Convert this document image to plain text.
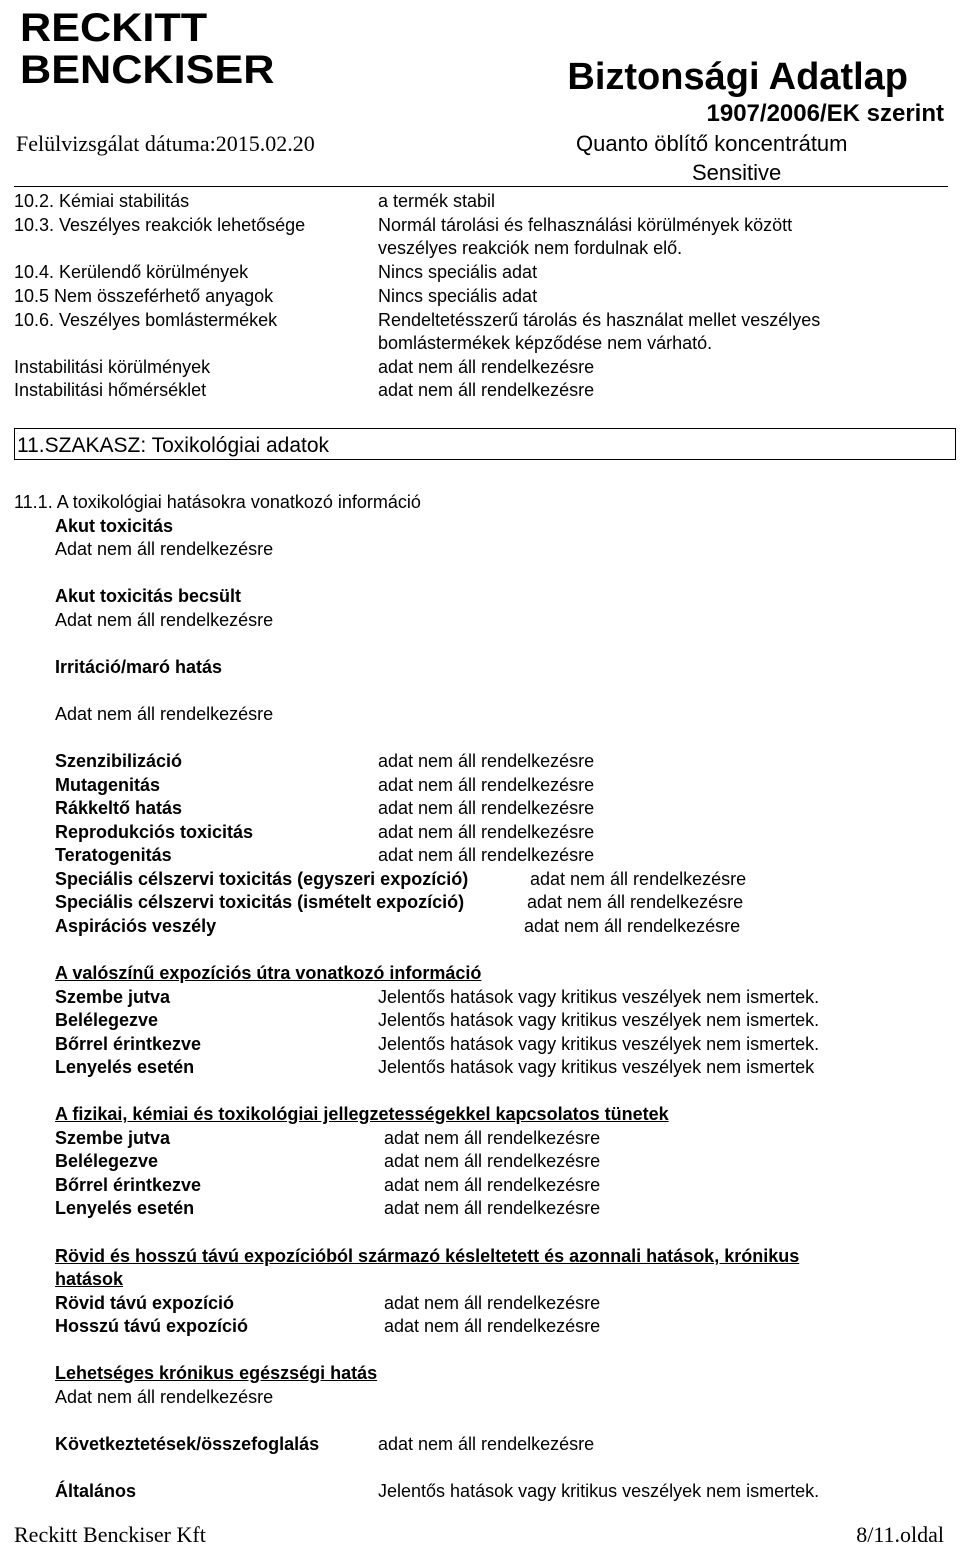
RECKITT
BENCKISER	Biztonsági Adatlap
1907/2006/EK szerint
Felülvizsgálat dátuma:2015.02.20	Quanto öblítő koncentrátum
Sensitive
10.2. Kémiai stabilitás	a termék stabil
10.3. Veszélyes reakciók lehetősége	Normál tárolási és felhasználási körülmények között
veszélyes reakciók nem fordulnak elő.
10.4. Kerülendő körülmények	Nincs speciális adat
10.5 Nem összeférhető anyagok	Nincs speciális adat
10.6. Veszélyes bomlástermékek	Rendeltetésszerű tárolás és használat mellet veszélyes
bomlástermékek képződése nem várható.
Instabilitási körülmények	adat nem áll rendelkezésre
Instabilitási hőmérséklet	adat nem áll rendelkezésre
11.SZAKASZ: Toxikológiai adatok
11.1. A toxikológiai hatásokra vonatkozó információ
Akut toxicitás
Adat nem áll rendelkezésre
Akut toxicitás becsült
Adat nem áll rendelkezésre
Irritáció/maró hatás
Adat nem áll rendelkezésre
Szenzibilizáció	adat nem áll rendelkezésre
Mutagenitás	adat nem áll rendelkezésre
Rákkeltő hatás	adat nem áll rendelkezésre
Reprodukciós toxicitás	adat nem áll rendelkezésre
Teratogenitás	adat nem áll rendelkezésre
Speciális célszervi toxicitás (egyszeri expozíció)	adat nem áll rendelkezésre
Speciális célszervi toxicitás (ismételt expozíció)	adat nem áll rendelkezésre
Aspirációs veszély	adat nem áll rendelkezésre
A valószínű expozíciós útra vonatkozó információ
Szembe jutva	Jelentős hatások vagy kritikus veszélyek nem ismertek.
Belélegezve	Jelentős hatások vagy kritikus veszélyek nem ismertek.
Bőrrel érintkezve	Jelentős hatások vagy kritikus veszélyek nem ismertek.
Lenyelés esetén	Jelentős hatások vagy kritikus veszélyek nem ismertek
A fizikai, kémiai és toxikológiai jellegzetességekkel kapcsolatos tünetek
Szembe jutva	adat nem áll rendelkezésre
Belélegezve	adat nem áll rendelkezésre
Bőrrel érintkezve	adat nem áll rendelkezésre
Lenyelés esetén	adat nem áll rendelkezésre
Rövid és hosszú távú expozícióból származó késleltetett és azonnali hatások, krónikus
hatások
Rövid távú expozíció	adat nem áll rendelkezésre
Hosszú távú expozíció	adat nem áll rendelkezésre
Lehetséges krónikus egészségi hatás
Adat nem áll rendelkezésre
Következtetések/összefoglalás	adat nem áll rendelkezésre
Általános	Jelentős hatások vagy kritikus veszélyek nem ismertek.
Reckitt Benckiser Kft	8/11.oldal
